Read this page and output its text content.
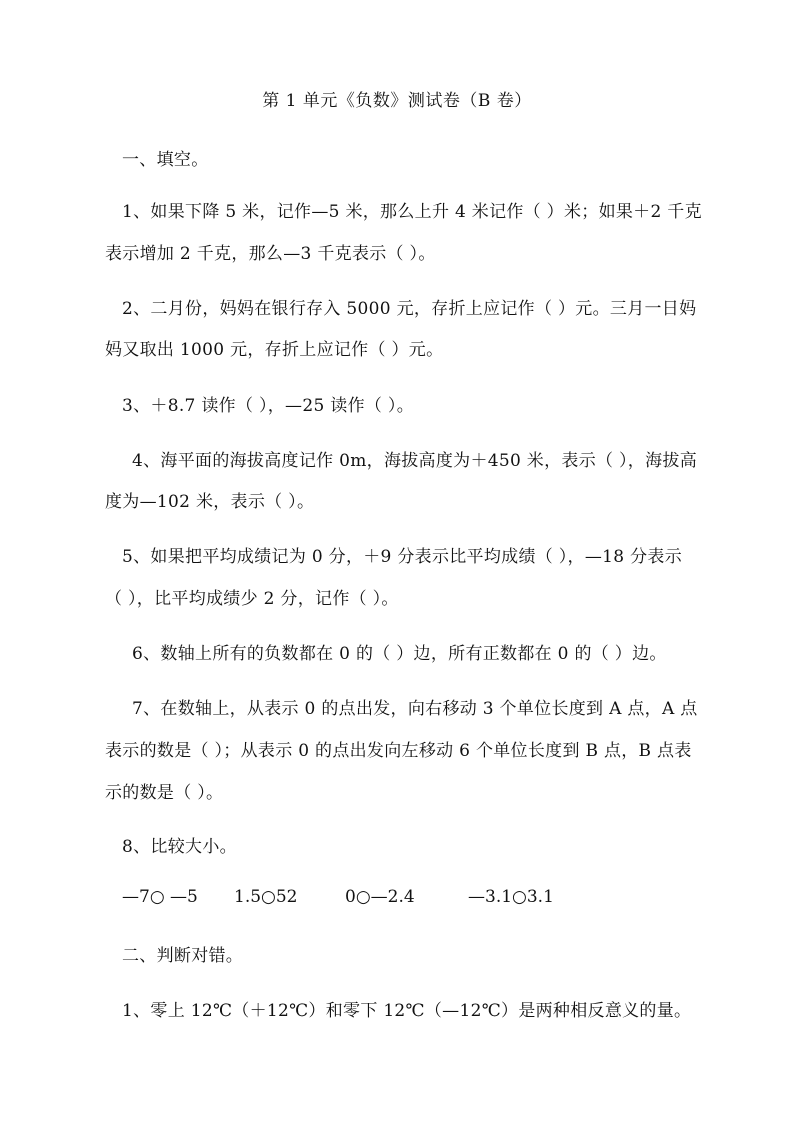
第 1 单元《负数》测试卷（B 卷）
一、填空。
1、如果下降 5 米，记作—5 米，那么上升 4 米记作（ ）米；如果＋2 千克
表示增加 2 千克，那么—3 千克表示（ ）。
2、二月份，妈妈在银行存入 5000 元，存折上应记作（ ）元。三月一日妈
妈又取出 1000 元，存折上应记作（ ）元。
3、＋8.7 读作（ ），—25 读作（ ）。
4、海平面的海拔高度记作 0m，海拔高度为＋450 米，表示（ ），海拔高
度为—102 米，表示（ ）。
5、如果把平均成绩记为 0 分，＋9 分表示比平均成绩（ ），—18 分表示
（ ），比平均成绩少 2 分，记作（ ）。
6、数轴上所有的负数都在 0 的（ ）边，所有正数都在 0 的（ ）边。
7、在数轴上，从表示 0 的点出发，向右移动 3 个单位长度到 A 点，A 点
表示的数是（ ）；从表示 0 的点出发向左移动 6 个单位长度到 B 点，B 点表
示的数是（ ）。
8、比较大小。
—7○ —5 1.5○52	0○—2.4	—3.1○3.1
二、判断对错。
1、零上 12℃（＋12℃）和零下 12℃（—12℃）是两种相反意义的量。
